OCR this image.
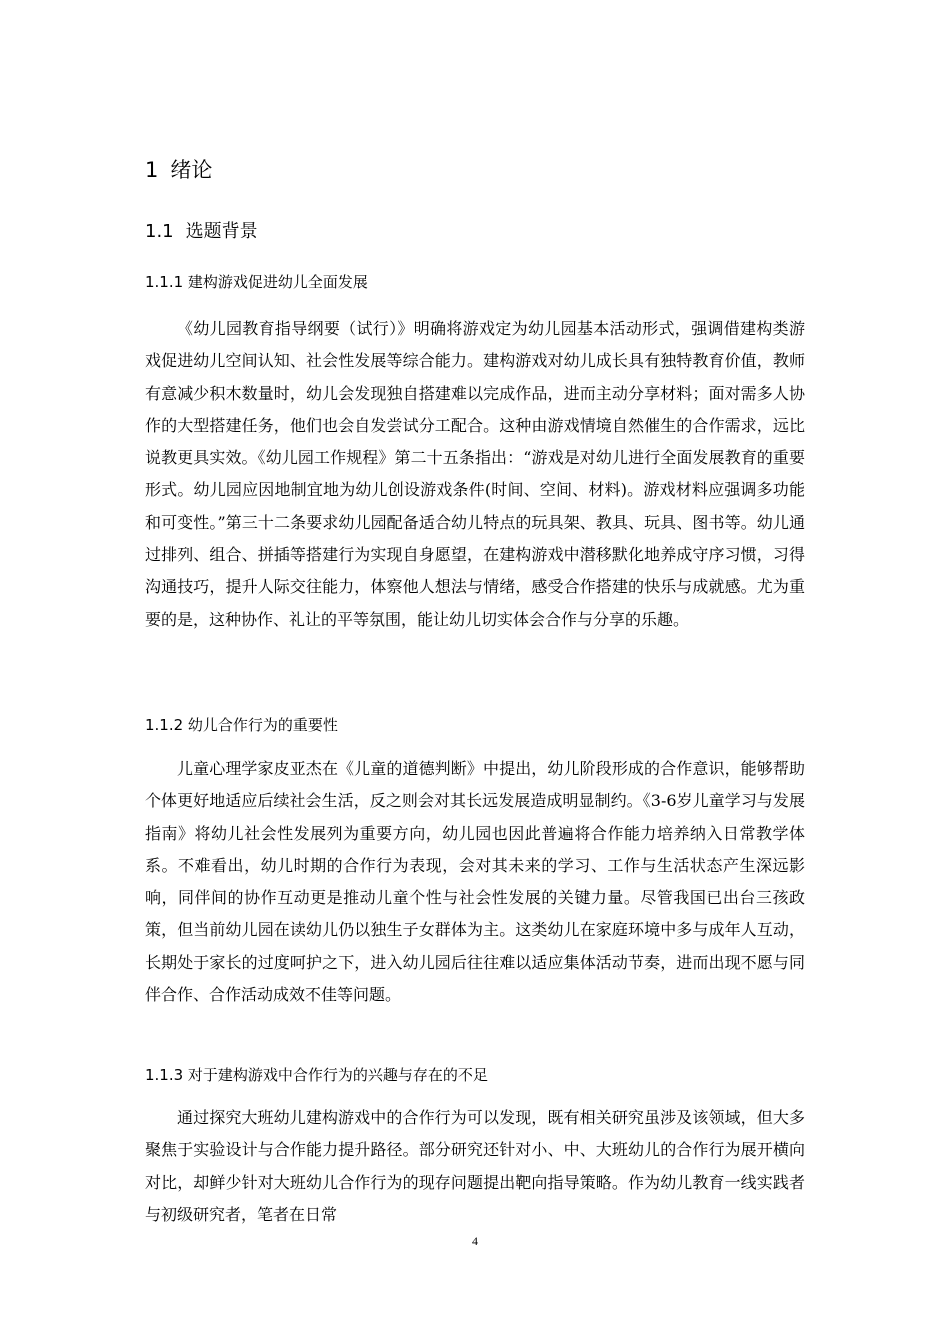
1 绪论
1.1 选题背景
1.1.1 建构游戏促进幼儿全面发展

《幼儿园教育指导纲要（试行）》明确将游戏定为幼儿园基本活动形式，强调借建构类游戏促进幼儿空间认知、社会性发展等综合能力。建构游戏对幼儿成长具有独特教育价值，教师有意减少积木数量时，幼儿会发现独自搭建难以完成作品，进而主动分享材料；面对需多人协作的大型搭建任务，他们也会自发尝试分工配合。这种由游戏情境自然催生的合作需求，远比说教更具实效。《幼儿园工作规程》第二十五条指出：“游戏是对幼儿进行全面发展教育的重要形式。幼儿园应因地制宜地为幼儿创设游戏条件(时间、空间、材料)。游戏材料应强调多功能和可变性。”第三十二条要求幼儿园配备适合幼儿特点的玩具架、教具、玩具、图书等。幼儿通过排列、组合、拼插等搭建行为实现自身愿望，在建构游戏中潜移默化地养成守序习惯，习得沟通技巧，提升人际交往能力，体察他人想法与情绪，感受合作搭建的快乐与成就感。尤为重要的是，这种协作、礼让的平等氛围，能让幼儿切实体会合作与分享的乐趣。

1.1.2 幼儿合作行为的重要性

儿童心理学家皮亚杰在《儿童的道德判断》中提出，幼儿阶段形成的合作意识，能够帮助个体更好地适应后续社会生活，反之则会对其长远发展造成明显制约。《3-6岁儿童学习与发展指南》将幼儿社会性发展列为重要方向，幼儿园也因此普遍将合作能力培养纳入日常教学体系。不难看出，幼儿时期的合作行为表现，会对其未来的学习、工作与生活状态产生深远影响，同伴间的协作互动更是推动儿童个性与社会性发展的关键力量。尽管我国已出台三孩政策，但当前幼儿园在读幼儿仍以独生子女群体为主。这类幼儿在家庭环境中多与成年人互动，长期处于家长的过度呵护之下，进入幼儿园后往往难以适应集体活动节奏，进而出现不愿与同伴合作、合作活动成效不佳等问题。

1.1.3 对于建构游戏中合作行为的兴趣与存在的不足

通过探究大班幼儿建构游戏中的合作行为可以发现，既有相关研究虽涉及该领域，但大多聚焦于实验设计与合作能力提升路径。部分研究还针对小、中、大班幼儿的合作行为展开横向对比，却鲜少针对大班幼儿合作行为的现存问题提出靶向指导策略。作为幼儿教育一线实践者与初级研究者，笔者在日常

4
